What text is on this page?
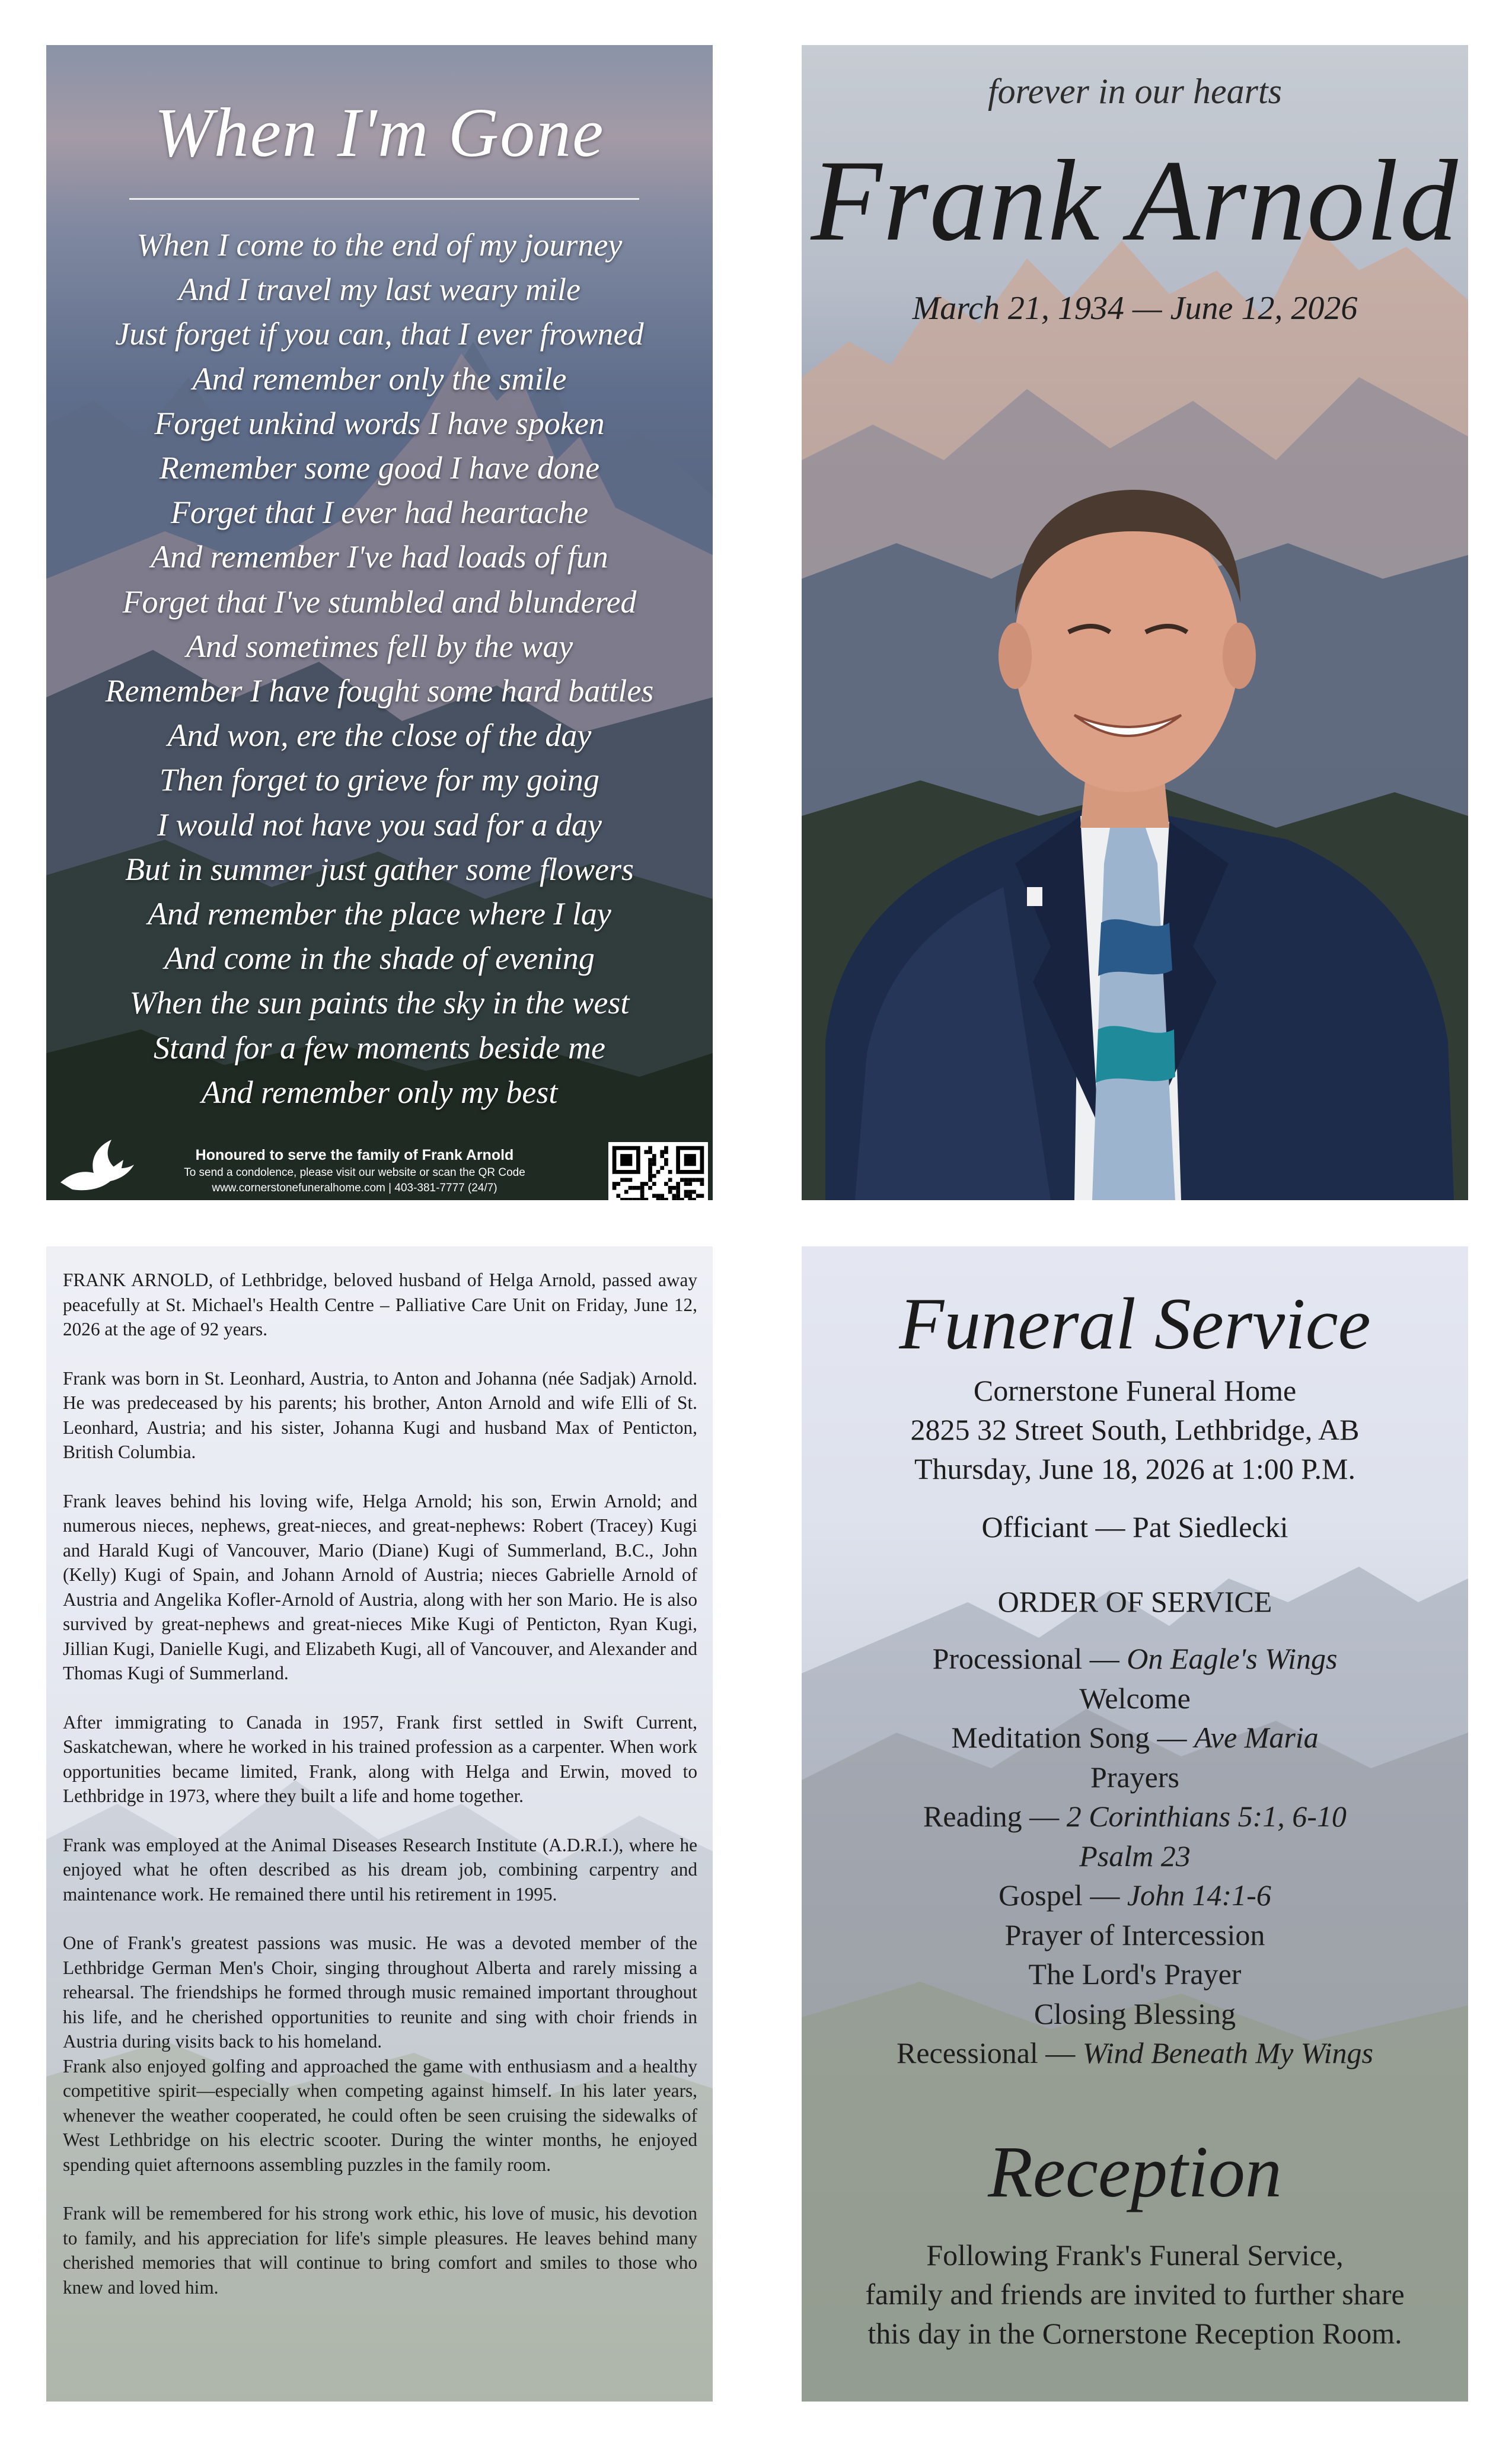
When I'm Gone
When I come to the end of my journey
And I travel my last weary mile
Just forget if you can, that I ever frowned
And remember only the smile
Forget unkind words I have spoken
Remember some good I have done
Forget that I ever had heartache
And remember I've had loads of fun
Forget that I've stumbled and blundered
And sometimes fell by the way
Remember I have fought some hard battles
And won, ere the close of the day
Then forget to grieve for my going
I would not have you sad for a day
But in summer just gather some flowers
And remember the place where I lay
And come in the shade of evening
When the sun paints the sky in the west
Stand for a few moments beside me
And remember only my best
Honoured to serve the family of Frank Arnold
To send a condolence, please visit our website or scan the QR Code
www.cornerstonefuneralhome.com | 403-381-7777 (24/7)
forever in our hearts
Frank Arnold
March 21, 1934 — June 12, 2026

FRANK ARNOLD, of Lethbridge, beloved husband of Helga Arnold, passed away peacefully at St. Michael's Health Centre – Palliative Care Unit on Friday, June 12, 2026 at the age of 92 years.

Frank was born in St. Leonhard, Austria, to Anton and Johanna (née Sadjak) Arnold. He was predeceased by his parents; his brother, Anton Arnold and wife Elli of St. Leonhard, Austria; and his sister, Johanna Kugi and husband Max of Penticton, British Columbia.

Frank leaves behind his loving wife, Helga Arnold; his son, Erwin Arnold; and numerous nieces, nephews, great-nieces, and great-nephews: Robert (Tracey) Kugi and Harald Kugi of Vancouver, Mario (Diane) Kugi of Summerland, B.C., John (Kelly) Kugi of Spain, and Johann Arnold of Austria; nieces Gabrielle Arnold of Austria and Angelika Kofler-Arnold of Austria, along with her son Mario. He is also survived by great-nephews and great-nieces Mike Kugi of Penticton, Ryan Kugi, Jillian Kugi, Danielle Kugi, and Elizabeth Kugi, all of Vancouver, and Alexander and Thomas Kugi of Summerland.

After immigrating to Canada in 1957, Frank first settled in Swift Current, Saskatchewan, where he worked in his trained profession as a carpenter. When work opportunities became limited, Frank, along with Helga and Erwin, moved to Lethbridge in 1973, where they built a life and home together.

Frank was employed at the Animal Diseases Research Institute (A.D.R.I.), where he enjoyed what he often described as his dream job, combining carpentry and maintenance work. He remained there until his retirement in 1995.

One of Frank's greatest passions was music. He was a devoted member of the Lethbridge German Men's Choir, singing throughout Alberta and rarely missing a rehearsal. The friendships he formed through music remained important throughout his life, and he cherished opportunities to reunite and sing with choir friends in Austria during visits back to his homeland.

Frank also enjoyed golfing and approached the game with enthusiasm and a healthy competitive spirit—especially when competing against himself. In his later years, whenever the weather cooperated, he could often be seen cruising the sidewalks of West Lethbridge on his electric scooter. During the winter months, he enjoyed spending quiet afternoons assembling puzzles in the family room.

Frank will be remembered for his strong work ethic, his love of music, his devotion to family, and his appreciation for life's simple pleasures. He leaves behind many cherished memories that will continue to bring comfort and smiles to those who knew and loved him.

Funeral Service
Cornerstone Funeral Home
2825 32 Street South, Lethbridge, AB
Thursday, June 18, 2026 at 1:00 P.M.
Officiant — Pat Siedlecki
ORDER OF SERVICE
Processional — On Eagle's Wings
Welcome
Meditation Song — Ave Maria
Prayers
Reading — 2 Corinthians 5:1, 6-10
Psalm 23
Gospel — John 14:1-6
Prayer of Intercession
The Lord's Prayer
Closing Blessing
Recessional — Wind Beneath My Wings
Reception
Following Frank's Funeral Service,
family and friends are invited to further share
this day in the Cornerstone Reception Room.
